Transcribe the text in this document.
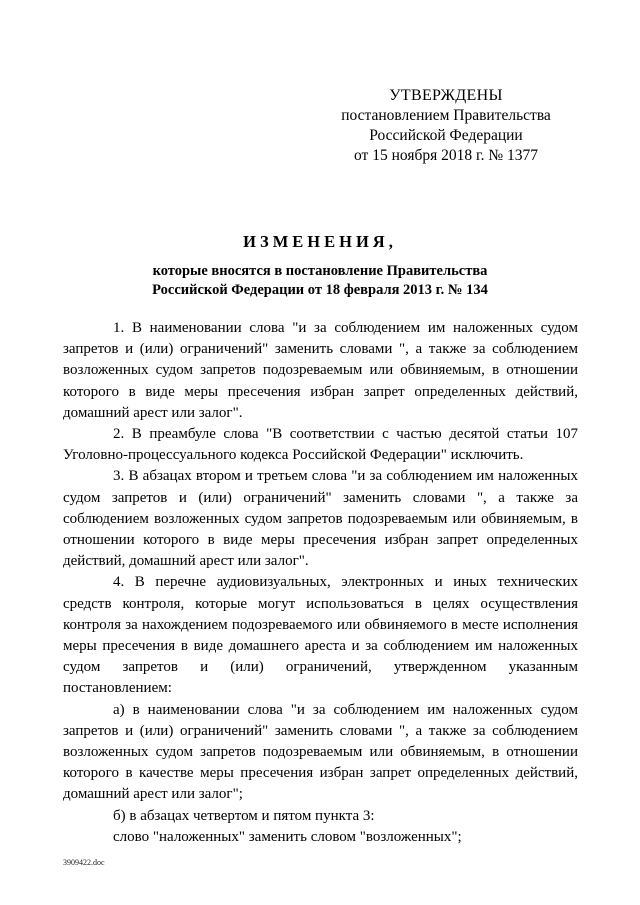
УТВЕРЖДЕНЫ
постановлением Правительства
Российской Федерации
от 15 ноября 2018 г. № 1377
ИЗМЕНЕНИЯ,
которые вносятся в постановление Правительства
Российской Федерации от 18 февраля 2013 г. № 134

1. В наименовании слова "и за соблюдением им наложенных судом запретов и (или) ограничений" заменить словами ", а также за соблюдением возложенных судом запретов подозреваемым или обвиняемым, в отношении которого в виде меры пресечения избран запрет определенных действий, домашний арест или залог".

2. В преамбуле слова "В соответствии с частью десятой статьи 107 Уголовно-процессуального кодекса Российской Федерации" исключить.

3. В абзацах втором и третьем слова "и за соблюдением им наложенных судом запретов и (или) ограничений" заменить словами ", а также за соблюдением возложенных судом запретов подозреваемым или обвиняемым, в отношении которого в виде меры пресечения избран запрет определенных действий, домашний арест или залог".

4. В перечне аудиовизуальных, электронных и иных технических средств контроля, которые могут использоваться в целях осуществления контроля за нахождением подозреваемого или обвиняемого в месте исполнения меры пресечения в виде домашнего ареста и за соблюдением им наложенных судом запретов и (или) ограничений, утвержденном указанным постановлением:

а) в наименовании слова "и за соблюдением им наложенных судом запретов и (или) ограничений" заменить словами ", а также за соблюдением возложенных судом запретов подозреваемым или обвиняемым, в отношении которого в качестве меры пресечения избран запрет определенных действий, домашний арест или залог";

б) в абзацах четвертом и пятом пункта 3:

слово "наложенных" заменить словом "возложенных";

3909422.doc
